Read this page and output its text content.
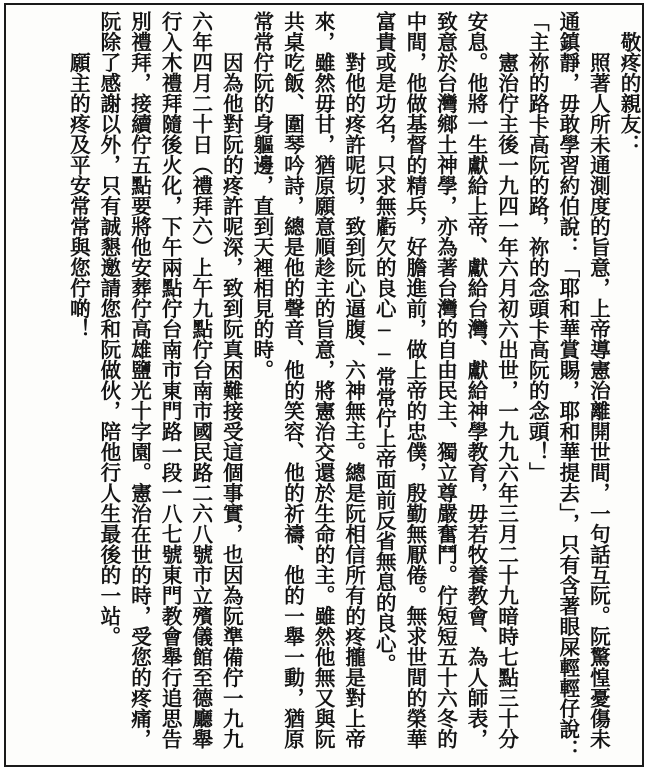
　敬疼的親友：

　　照著人所未通測度的旨意，上帝導憲治離開世間，一句話互阮。阮驚惶憂傷未通鎮靜，毋敢學習約伯說：「耶和華賞賜，耶和華提去」，只有含著眼屎輕輕仔說：「主祢的路卡高阮的路，祢的念頭卡高阮的念頭！」

　　憲治佇主後一九四一年六月初六出世，一九九六年三月二十九暗時七點三十分安息。他將一生獻給上帝、獻給台灣、獻給神學教育，毋若牧養教會、為人師表，致意於台灣鄉土神學，亦為著台灣的自由民主、獨立尊嚴奮鬥。佇短短五十六冬的中間，他做基督的精兵，好膽進前，做上帝的忠僕，殷勤無厭倦。無求世間的榮華富貴或是功名，只求無虧欠的良心──常常佇上帝面前反省無息的良心。

　　對他的疼許呢切，致到阮心逼腹、六神無主。總是阮相信所有的疼攏是對上帝來，雖然毋甘，猶原願意順趁主的旨意，將憲治交還於生命的主。雖然他無又與阮共桌吃飯、圍琴吟詩，總是他的聲音、他的笑容、他的祈禱、他的一舉一動，猶原常常佇阮的身軀邊，直到天裡相見的時。

　　因為他對阮的疼許呢深，致到阮真困難接受這個事實，也因為阮準備佇一九九六年四月二十日（禮拜六）上午九點佇台南市國民路二六八號市立殯儀館至德廳舉行入木禮拜隨後火化，下午兩點佇台南市東門路一段一八七號東門教會舉行追思告別禮拜，接續佇五點要將他安葬佇高雄鹽光十字園。憲治在世的時，受您的疼痛，阮除了感謝以外，只有誠懇邀請您和阮做伙，陪他行人生最後的一站。

　　願主的疼及平安常常與您佇啲！
